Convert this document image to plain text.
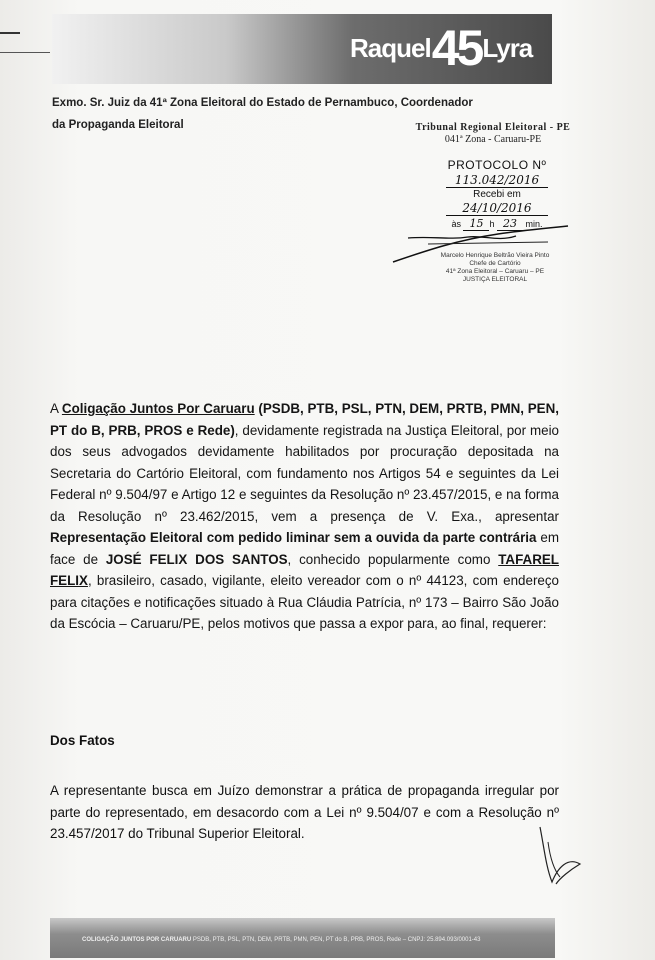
Raquel 45 Lyra
Exmo. Sr. Juiz da 41ª Zona Eleitoral do Estado de Pernambuco, Coordenador
da Propaganda Eleitoral	Tribunal Regional Eleitoral - PE
041ª Zona - Caruaru-PE
PROTOCOLO Nº
113.042/2016
Recebi em
24/10/2016
às 15 h 23 min.
Marcelo Henrique Beltrão Vieira Pinto
Chefe de Cartório
41ª Zona Eleitoral – Caruaru – PE
JUSTIÇA ELEITORAL

A Coligação Juntos Por Caruaru (PSDB, PTB, PSL, PTN, DEM, PRTB, PMN, PEN, PT do B, PRB, PROS e Rede), devidamente registrada na Justiça Eleitoral, por meio dos seus advogados devidamente habilitados por procuração depositada na Secretaria do Cartório Eleitoral, com fundamento nos Artigos 54 e seguintes da Lei Federal nº 9.504/97 e Artigo 12 e seguintes da Resolução nº 23.457/2015, e na forma da Resolução nº 23.462/2015, vem a presença de V. Exa., apresentar Representação Eleitoral com pedido liminar sem a ouvida da parte contrária em face de JOSÉ FELIX DOS SANTOS, conhecido popularmente como TAFAREL FELIX, brasileiro, casado, vigilante, eleito vereador com o nº 44123, com endereço para citações e notificações situado à Rua Cláudia Patrícia, nº 173 – Bairro São João da Escócia – Caruaru/PE, pelos motivos que passa a expor para, ao final, requerer:

Dos Fatos

A representante busca em Juízo demonstrar a prática de propaganda irregular por parte do representado, em desacordo com a Lei nº 9.504/07 e com a Resolução nº 23.457/2017 do Tribunal Superior Eleitoral.

COLIGAÇÃO JUNTOS POR CARUARU PSDB, PTB, PSL, PTN, DEM, PRTB, PMN, PEN, PT do B, PRB, PROS, Rede – CNPJ: 25.894.093/0001-43
